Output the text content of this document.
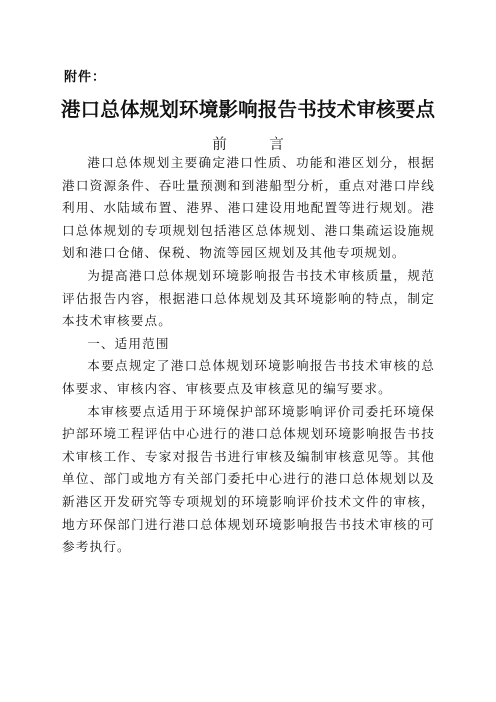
附件：
港口总体规划环境影响报告书技术审核要点
前　言

港口总体规划主要确定港口性质、功能和港区划分，根据港口资源条件、吞吐量预测和到港船型分析，重点对港口岸线利用、水陆域布置、港界、港口建设用地配置等进行规划。港口总体规划的专项规划包括港区总体规划、港口集疏运设施规划和港口仓储、保税、物流等园区规划及其他专项规划。

为提高港口总体规划环境影响报告书技术审核质量，规范评估报告内容，根据港口总体规划及其环境影响的特点，制定本技术审核要点。

一、适用范围

本要点规定了港口总体规划环境影响报告书技术审核的总体要求、审核内容、审核要点及审核意见的编写要求。

本审核要点适用于环境保护部环境影响评价司委托环境保护部环境工程评估中心进行的港口总体规划环境影响报告书技术审核工作、专家对报告书进行审核及编制审核意见等。其他单位、部门或地方有关部门委托中心进行的港口总体规划以及新港区开发研究等专项规划的环境影响评价技术文件的审核，地方环保部门进行港口总体规划环境影响报告书技术审核的可参考执行。
